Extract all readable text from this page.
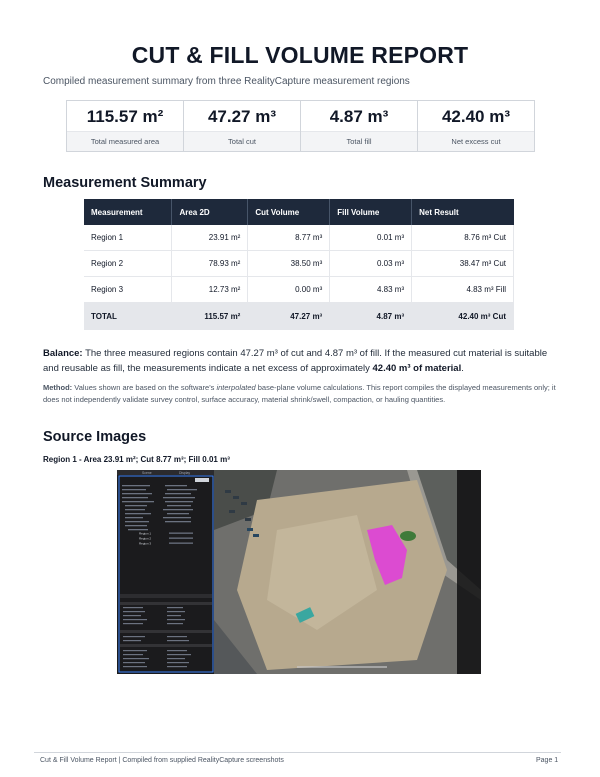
CUT & FILL VOLUME REPORT
Compiled measurement summary from three RealityCapture measurement regions
115.57 m²
Total measured area
47.27 m³
Total cut
4.87 m³
Total fill
42.40 m³
Net excess cut
Measurement Summary
Measurement	Area 2D	Cut Volume	Fill Volume	Net Result
Region 1	23.91 m²	8.77 m³	0.01 m³	8.76 m³ Cut
Region 2	78.93 m²	38.50 m³	0.03 m³	38.47 m³ Cut
Region 3	12.73 m²	0.00 m³	4.83 m³	4.83 m³ Fill
TOTAL	115.57 m²	47.27 m³	4.87 m³	42.40 m³ Cut
Balance: The three measured regions contain 47.27 m³ of cut and 4.87 m³ of fill. If the measured cut material is suitable and reusable as fill, the measurements indicate a net excess of approximately 42.40 m³ of material.
Method: Values shown are based on the software's interpolated base-plane volume calculations. This report compiles the displayed measurements only; it does not independently validate survey control, surface accuracy, material shrink/swell, compaction, or hauling quantities.
Source Images
Region 1 - Area 23.91 m²; Cut 8.77 m³; Fill 0.01 m³
Scene	Display
Region 1
Region 2
Region 3
Cut & Fill Volume Report | Compiled from supplied RealityCapture screenshots	Page 1
